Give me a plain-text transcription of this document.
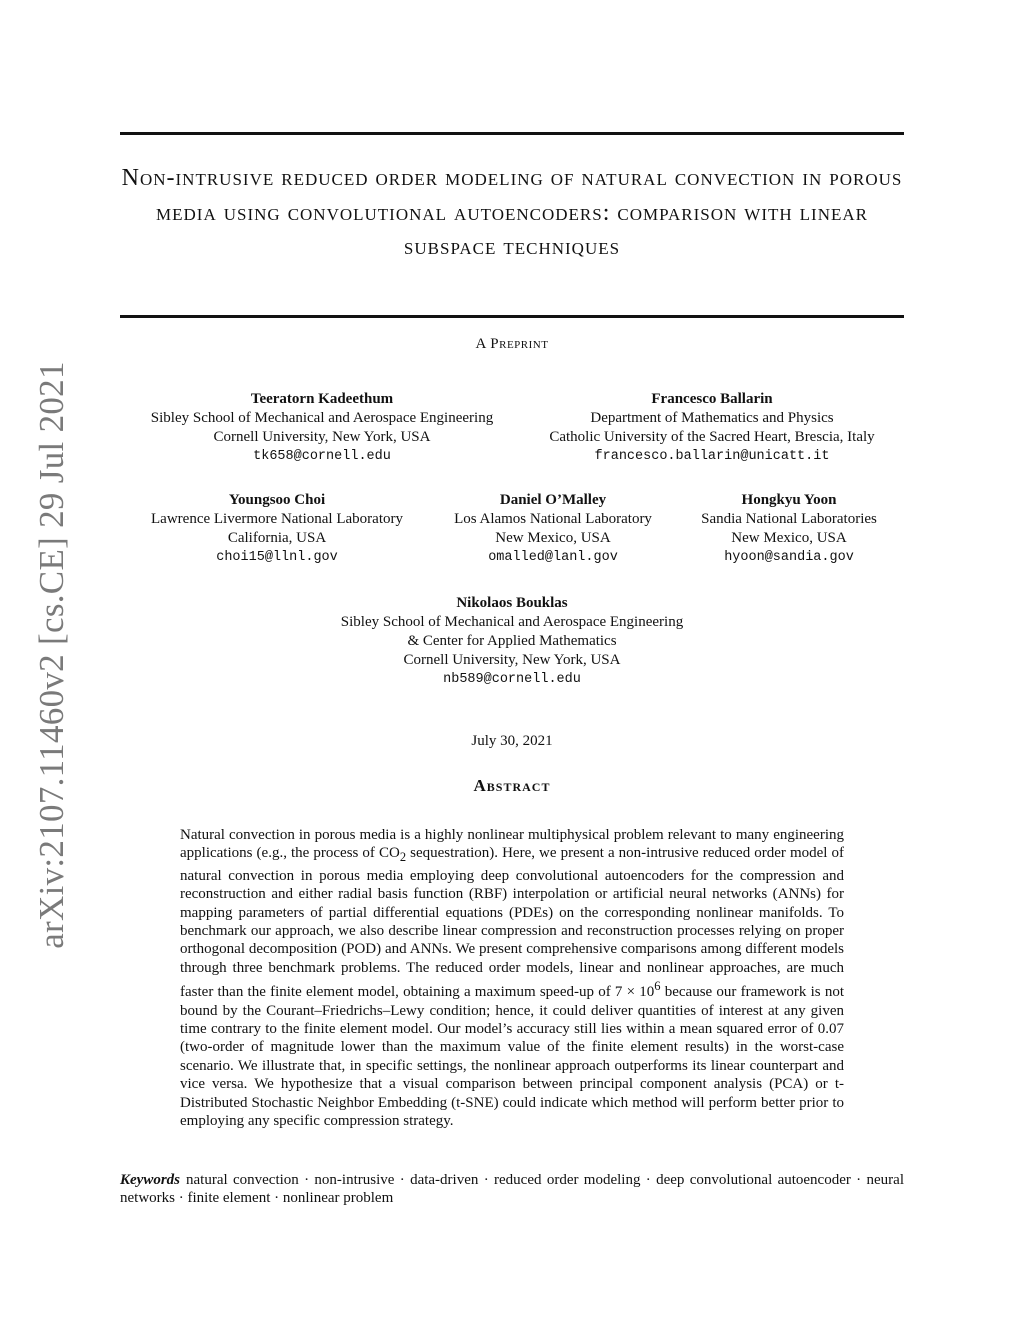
arXiv:2107.11460v2 [cs.CE] 29 Jul 2021
Non-intrusive reduced order modeling of natural convection in porous media using convolutional autoencoders: comparison with linear subspace techniques
A Preprint
Teeratorn Kadeethum
Sibley School of Mechanical and Aerospace Engineering
Cornell University, New York, USA
tk658@cornell.edu
Francesco Ballarin
Department of Mathematics and Physics
Catholic University of the Sacred Heart, Brescia, Italy
francesco.ballarin@unicatt.it
Youngsoo Choi
Lawrence Livermore National Laboratory
California, USA
choi15@llnl.gov
Daniel O’Malley
Los Alamos National Laboratory
New Mexico, USA
omalled@lanl.gov
Hongkyu Yoon
Sandia National Laboratories
New Mexico, USA
hyoon@sandia.gov
Nikolaos Bouklas
Sibley School of Mechanical and Aerospace Engineering
& Center for Applied Mathematics
Cornell University, New York, USA
nb589@cornell.edu
July 30, 2021
Abstract
Natural convection in porous media is a highly nonlinear multiphysical problem relevant to many engineering applications (e.g., the process of $CO_2$ sequestration). Here, we present a non-intrusive reduced order model of natural convection in porous media employing deep convolutional autoencoders for the compression and reconstruction and either radial basis function (RBF) interpolation or artificial neural networks (ANNs) for mapping parameters of partial differential equations (PDEs) on the corresponding nonlinear manifolds. To benchmark our approach, we also describe linear compression and reconstruction processes relying on proper orthogonal decomposition (POD) and ANNs. We present comprehensive comparisons among different models through three benchmark problems. The reduced order models, linear and nonlinear approaches, are much faster than the finite element model, obtaining a maximum speed-up of $7 \times 10^6$ because our framework is not bound by the Courant–Friedrichs–Lewy condition; hence, it could deliver quantities of interest at any given time contrary to the finite element model. Our model’s accuracy still lies within a mean squared error of 0.07 (two-order of magnitude lower than the maximum value of the finite element results) in the worst-case scenario. We illustrate that, in specific settings, the nonlinear approach outperforms its linear counterpart and vice versa. We hypothesize that a visual comparison between principal component analysis (PCA) or t-Distributed Stochastic Neighbor Embedding (t-SNE) could indicate which method will perform better prior to employing any specific compression strategy.
Keywords natural convection · non-intrusive · data-driven · reduced order modeling · deep convolutional autoencoder · neural networks · finite element · nonlinear problem
